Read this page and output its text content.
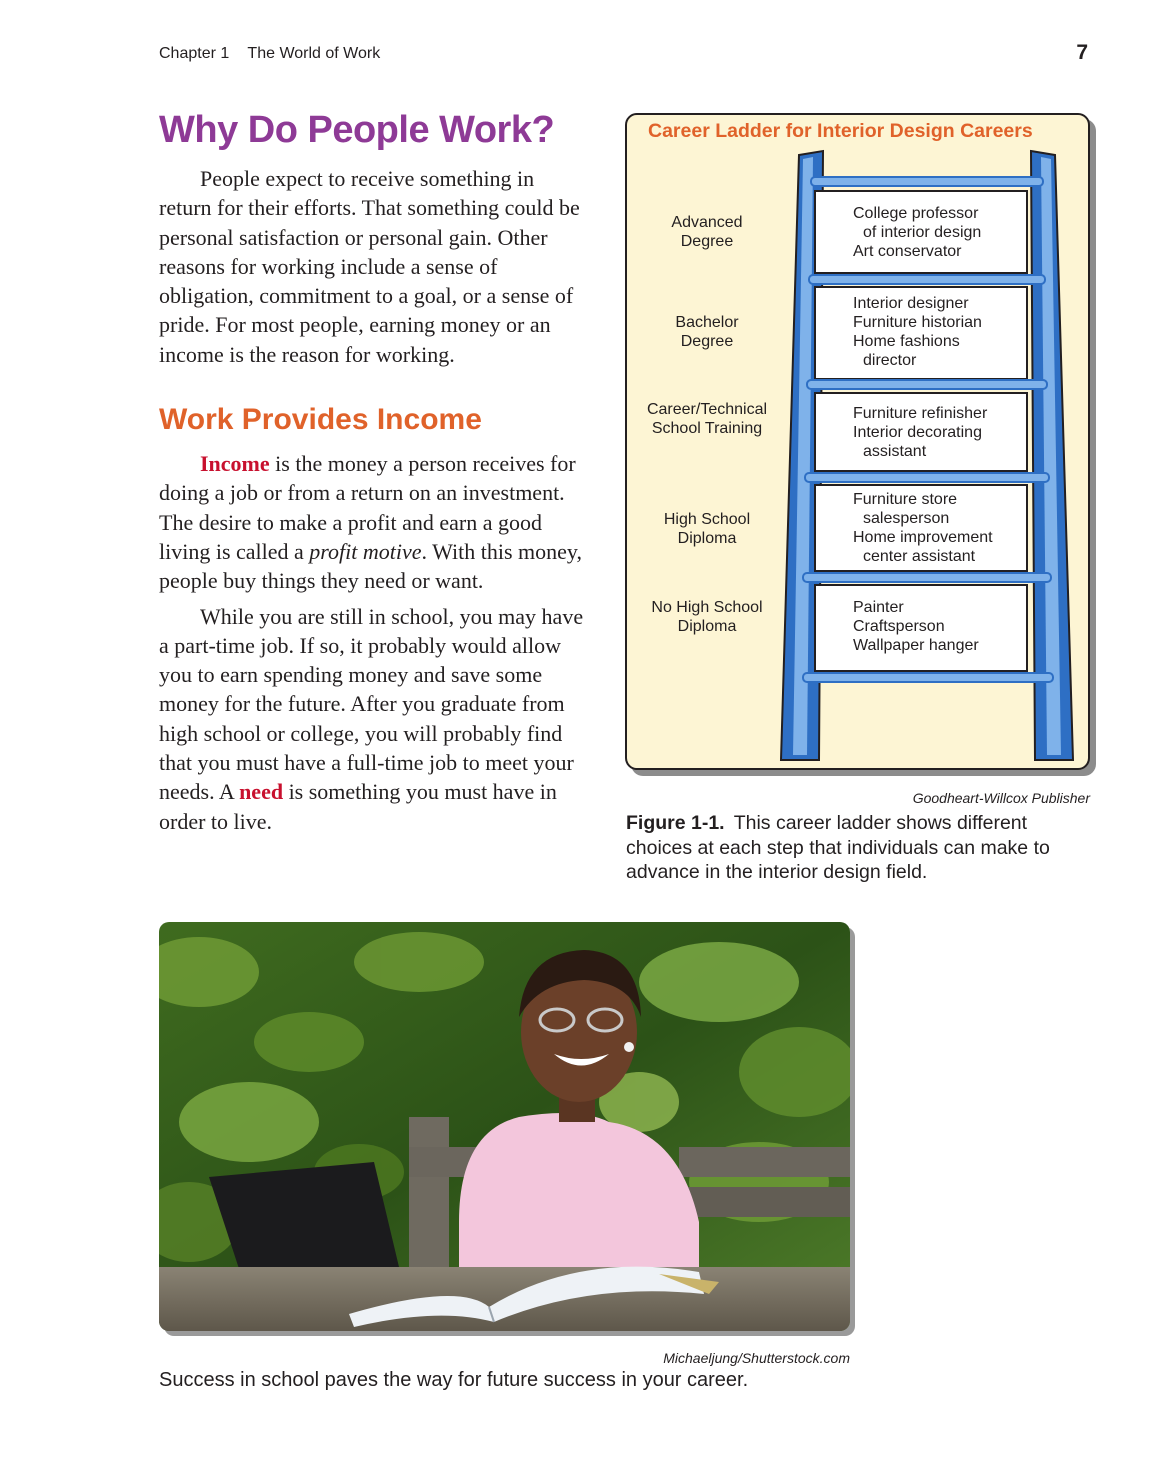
Chapter 1 The World of Work	7
Why Do People Work?

People expect to receive something in return for their efforts. That something could be personal satisfaction or personal gain. Other reasons for working include a sense of obligation, commitment to a goal, or a sense of pride. For most people, earning money or an income is the reason for working.

Work Provides Income

Income is the money a person receives for doing a job or from a return on an investment. The desire to make a profit and earn a good living is called a profit motive. With this money, people buy things they need or want.

While you are still in school, you may have a part-time job. If so, it probably would allow you to earn spending money and save some money for the future. After you graduate from high school or college, you will probably find that you must have a full-time job to meet your needs. A need is something you must have in order to live.

Career Ladder for Interior Design Careers
Advanced
Degree
Bachelor
Degree
Career/Technical
School Training
High School
Diploma
No High School
Diploma
College professor
of interior design
Art conservator
Interior designer
Furniture historian
Home fashions
director
Furniture refinisher
Interior decorating
assistant
Furniture store
salesperson
Home improvement
center assistant
Painter
Craftsperson
Wallpaper hanger
Goodheart-Willcox Publisher
Figure 1-1. This career ladder shows different choices at each step that individuals can make to advance in the interior design field.
Michaeljung/Shutterstock.com
Success in school paves the way for future success in your career.
